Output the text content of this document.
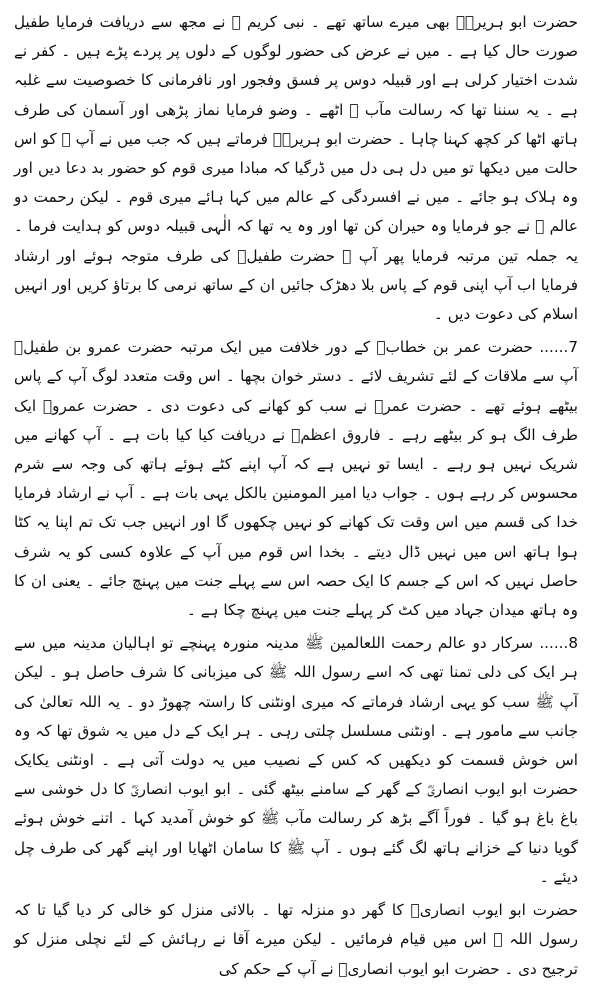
حضرت ابو ہریرہؓ بھی میرے ساتھ تھے ۔ نبی کریم ﷺ نے مجھ سے دریافت فرمایا طفیل صورت حال کیا ہے ۔ میں نے عرض کی حضور لوگوں کے دلوں پر پردے پڑے ہیں ۔ کفر نے شدت اختیار کرلی ہے اور قبیلہ دوس پر فسق وفجور اور نافرمانی کا خصوصیت سے غلبہ ہے ۔ یہ سننا تھا کہ رسالت مآب ﷺ اٹھے ۔ وضو فرمایا نماز پڑھی اور آسمان کی طرف ہاتھ اٹھا کر کچھ کہنا چاہا ۔ حضرت ابو ہریرہؓ فرماتے ہیں کہ جب میں نے آپ ﷺ کو اس حالت میں دیکھا تو میں دل ہی دل میں ڈرگیا کہ مبادا میری قوم کو حضور بد دعا دیں اور وہ ہلاک ہو جائے ۔ میں نے افسردگی کے عالم میں کہا ہائے میری قوم ۔ لیکن رحمت دو عالم ﷺ نے جو فرمایا وہ حیران کن تھا اور وہ یہ تھا کہ الٰہی قبیلہ دوس کو ہدایت فرما ۔ یہ جملہ تین مرتبہ فرمایا پھر آپ ﷺ حضرت طفیلؓ کی طرف متوجہ ہوئے اور ارشاد فرمایا اب آپ اپنی قوم کے پاس بلا دھڑک جائیں ان کے ساتھ نرمی کا برتاؤ کریں اور انہیں اسلام کی دعوت دیں ۔

7...... حضرت عمر بن خطابؓ کے دور خلافت میں ایک مرتبہ حضرت عمرو بن طفیلؓ آپ سے ملاقات کے لئے تشریف لائے ۔ دستر خوان بچھا ۔ اس وقت متعدد لوگ آپ کے پاس بیٹھے ہوئے تھے ۔ حضرت عمرؓ نے سب کو کھانے کی دعوت دی ۔ حضرت عمروؓ ایک طرف الگ ہو کر بیٹھے رہے ۔ فاروق اعظمؓ نے دریافت کیا کیا بات ہے ۔ آپ کھانے میں شریک نہیں ہو رہے ۔ ایسا تو نہیں ہے کہ آپ اپنے کٹے ہوئے ہاتھ کی وجہ سے شرم محسوس کر رہے ہوں ۔ جواب دیا امیر المومنین بالکل یہی بات ہے ۔ آپ نے ارشاد فرمایا خدا کی قسم میں اس وقت تک کھانے کو نہیں چکھوں گا اور انہیں جب تک تم اپنا یہ کٹا ہوا ہاتھ اس میں نہیں ڈال دیتے ۔ بخدا اس قوم میں آپ کے علاوہ کسی کو یہ شرف حاصل نہیں کہ اس کے جسم کا ایک حصہ اس سے پہلے جنت میں پہنچ جائے ۔ یعنی ان کا وہ ہاتھ میدان جہاد میں کٹ کر پہلے جنت میں پہنچ چکا ہے ۔

8...... سرکار دو عالم رحمت اللعالمین ﷺ مدینہ منورہ پہنچے تو اہالیان مدینہ میں سے ہر ایک کی دلی تمنا تھی کہ اسے رسول اللہ ﷺ کی میزبانی کا شرف حاصل ہو ۔ لیکن آپ ﷺ سب کو یہی ارشاد فرماتے کہ میری اونٹنی کا راستہ چھوڑ دو ۔ یہ اللہ تعالیٰ کی جانب سے مامور ہے ۔ اونٹنی مسلسل چلتی رہی ۔ ہر ایک کے دل میں یہ شوق تھا کہ وہ اس خوش قسمت کو دیکھیں کہ کس کے نصیب میں یہ دولت آتی ہے ۔ اونٹنی یکایک حضرت ابو ایوب انصاریؓ کے گھر کے سامنے بیٹھ گئی ۔ ابو ایوب انصاریؓ کا دل خوشی سے باغ باغ ہو گیا ۔ فوراً آگے بڑھ کر رسالت مآب ﷺ کو خوش آمدید کہا ۔ اتنے خوش ہوئے گویا دنیا کے خزانے ہاتھ لگ گئے ہوں ۔ آپ ﷺ کا سامان اٹھایا اور اپنے گھر کی طرف چل دیئے ۔

حضرت ابو ایوب انصاریؓ کا گھر دو منزلہ تھا ۔ بالائی منزل کو خالی کر دیا گیا تا کہ رسول اللہ ﷺ اس میں قیام فرمائیں ۔ لیکن میرے آقا نے رہائش کے لئے نچلی منزل کو ترجیح دی ۔ حضرت ابو ایوب انصاریؓ نے آپ کے حکم کی
